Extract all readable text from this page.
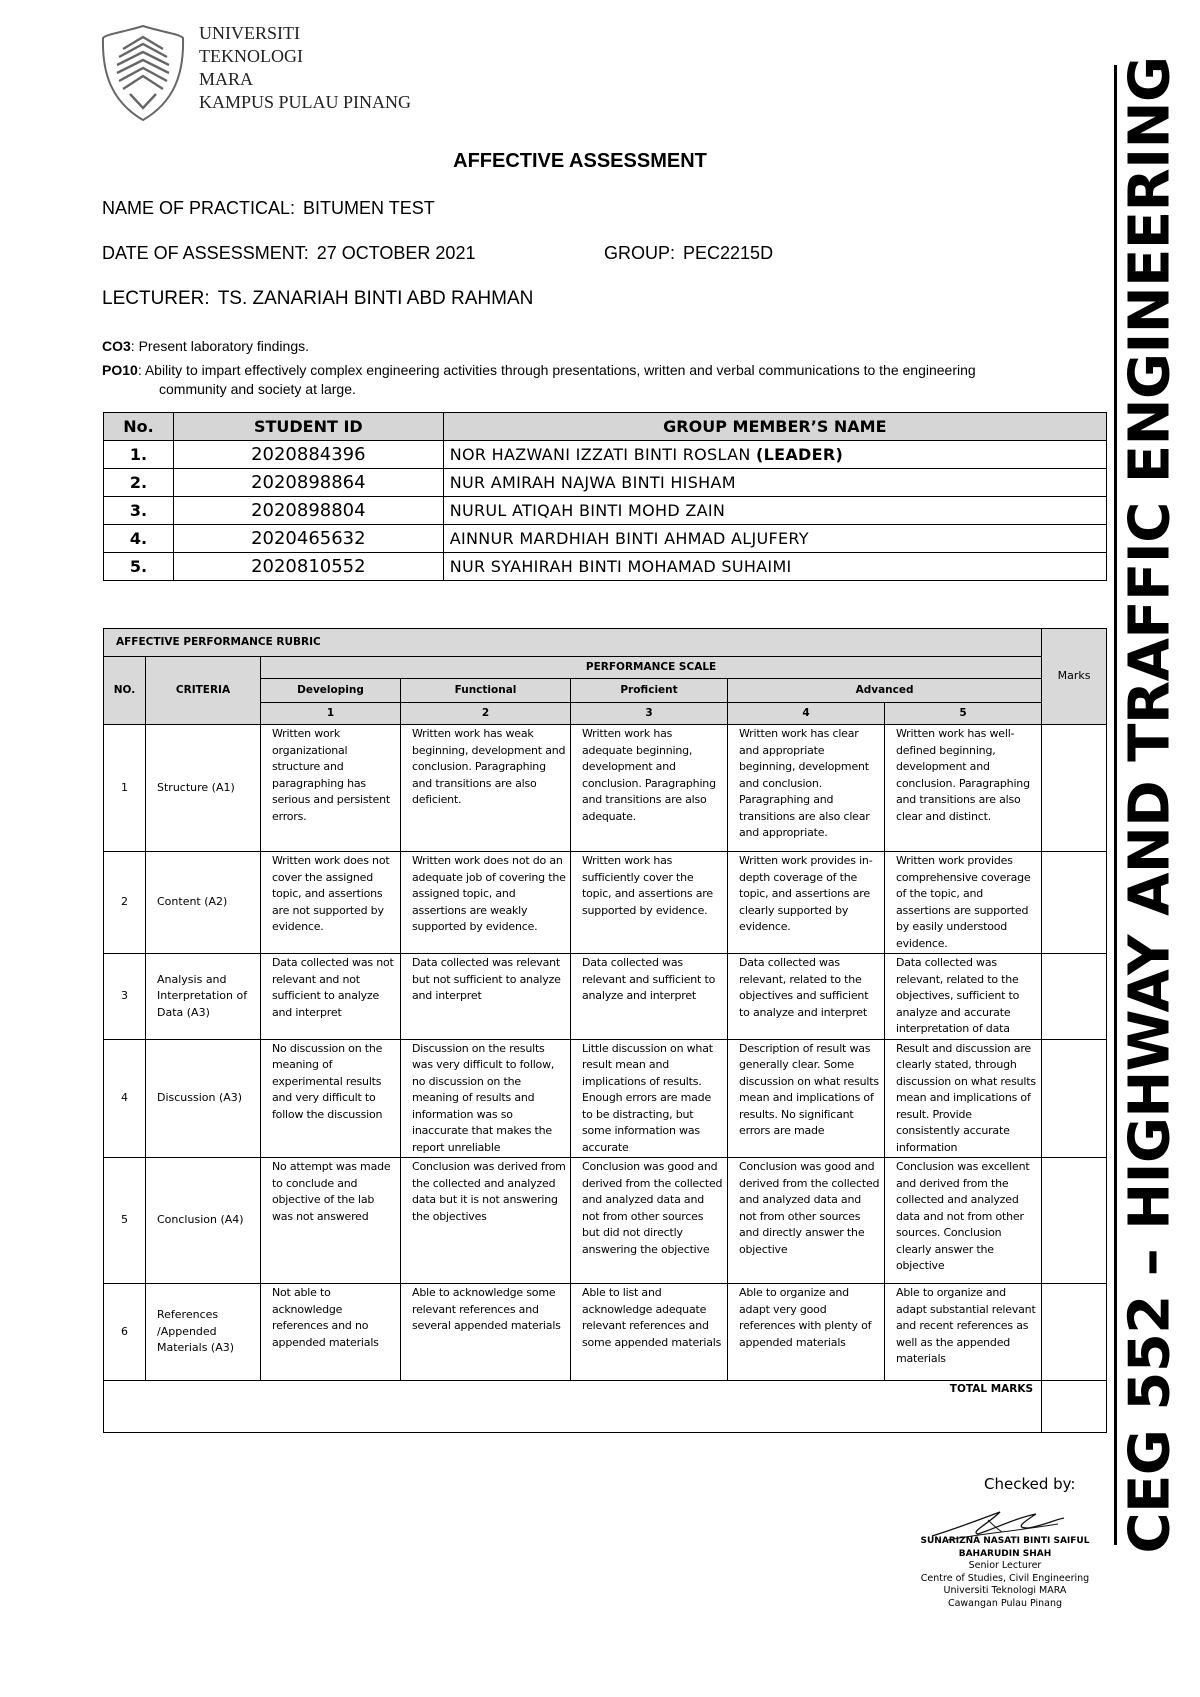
UNIVERSITI
TEKNOLOGI
MARA
KAMPUS PULAU PINANG
AFFECTIVE ASSESSMENT
NAME OF PRACTICAL: BITUMEN TEST
DATE OF ASSESSMENT: 27 OCTOBER 2021	GROUP: PEC2215D
LECTURER: TS. ZANARIAH BINTI ABD RAHMAN
CO3: Present laboratory findings.
PO10: Ability to impart effectively complex engineering activities through presentations, written and verbal communications to the engineering
community and society at large.
No.	STUDENT ID	GROUP MEMBER’S NAME
1.	2020884396	NOR HAZWANI IZZATI BINTI ROSLAN (LEADER)
2.	2020898864	NUR AMIRAH NAJWA BINTI HISHAM
3.	2020898804	NURUL ATIQAH BINTI MOHD ZAIN
4.	2020465632	AINNUR MARDHIAH BINTI AHMAD ALJUFERY
5.	2020810552	NUR SYAHIRAH BINTI MOHAMAD SUHAIMI
AFFECTIVE PERFORMANCE RUBRIC							Marks
NO.	CRITERIA	PERFORMANCE SCALE					
		Developing	Functional	Proficient	Advanced		
		1	2	3	4	5	
1	Structure (A1)	Written work organizational structure and paragraphing has serious and persistent errors.	Written work has weak beginning, development and conclusion. Paragraphing and transitions are also deficient.	Written work has adequate beginning, development and conclusion. Paragraphing and transitions are also adequate.	Written work has clear and appropriate beginning, development and conclusion. Paragraphing and transitions are also clear and appropriate.	Written work has well-defined beginning, development and conclusion. Paragraphing and transitions are also clear and distinct.	
2	Content (A2)	Written work does not cover the assigned topic, and assertions are not supported by evidence.	Written work does not do an adequate job of covering the assigned topic, and assertions are weakly supported by evidence.	Written work has sufficiently cover the topic, and assertions are supported by evidence.	Written work provides in-depth coverage of the topic, and assertions are clearly supported by evidence.	Written work provides comprehensive coverage of the topic, and assertions are supported by easily understood evidence.	
3	Analysis and Interpretation of Data (A3)	Data collected was not relevant and not sufficient to analyze and interpret	Data collected was relevant but not sufficient to analyze and interpret	Data collected was relevant and sufficient to analyze and interpret	Data collected was relevant, related to the objectives and sufficient to analyze and interpret	Data collected was relevant, related to the objectives, sufficient to analyze and accurate interpretation of data	
4	Discussion (A3)	No discussion on the meaning of experimental results and very difficult to follow the discussion	Discussion on the results was very difficult to follow, no discussion on the meaning of results and information was so inaccurate that makes the report unreliable	Little discussion on what result mean and implications of results. Enough errors are made to be distracting, but some information was accurate	Description of result was generally clear. Some discussion on what results mean and implications of results. No significant errors are made	Result and discussion are clearly stated, through discussion on what results mean and implications of result. Provide consistently accurate information	
5	Conclusion (A4)	No attempt was made to conclude and objective of the lab was not answered	Conclusion was derived from the collected and analyzed data but it is not answering the objectives	Conclusion was good and derived from the collected and analyzed data and not from other sources but did not directly answering the objective	Conclusion was good and derived from the collected and analyzed data and not from other sources and directly answer the objective	Conclusion was excellent and derived from the collected and analyzed data and not from other sources. Conclusion clearly answer the objective	
6	References /Appended Materials (A3)	Not able to acknowledge references and no appended materials	Able to acknowledge some relevant references and several appended materials	Able to list and acknowledge adequate relevant references and some appended materials	Able to organize and adapt very good references with plenty of appended materials	Able to organize and adapt substantial relevant and recent references as well as the appended materials	
TOTAL MARKS							CEG 552 – HIGHWAY AND TRAFFIC ENGINEERING
Checked by:
SUNARIZNA NASATI BINTI SAIFUL BAHARUDIN SHAH
Senior Lecturer
Centre of Studies, Civil Engineering
Universiti Teknologi MARA
Cawangan Pulau Pinang
